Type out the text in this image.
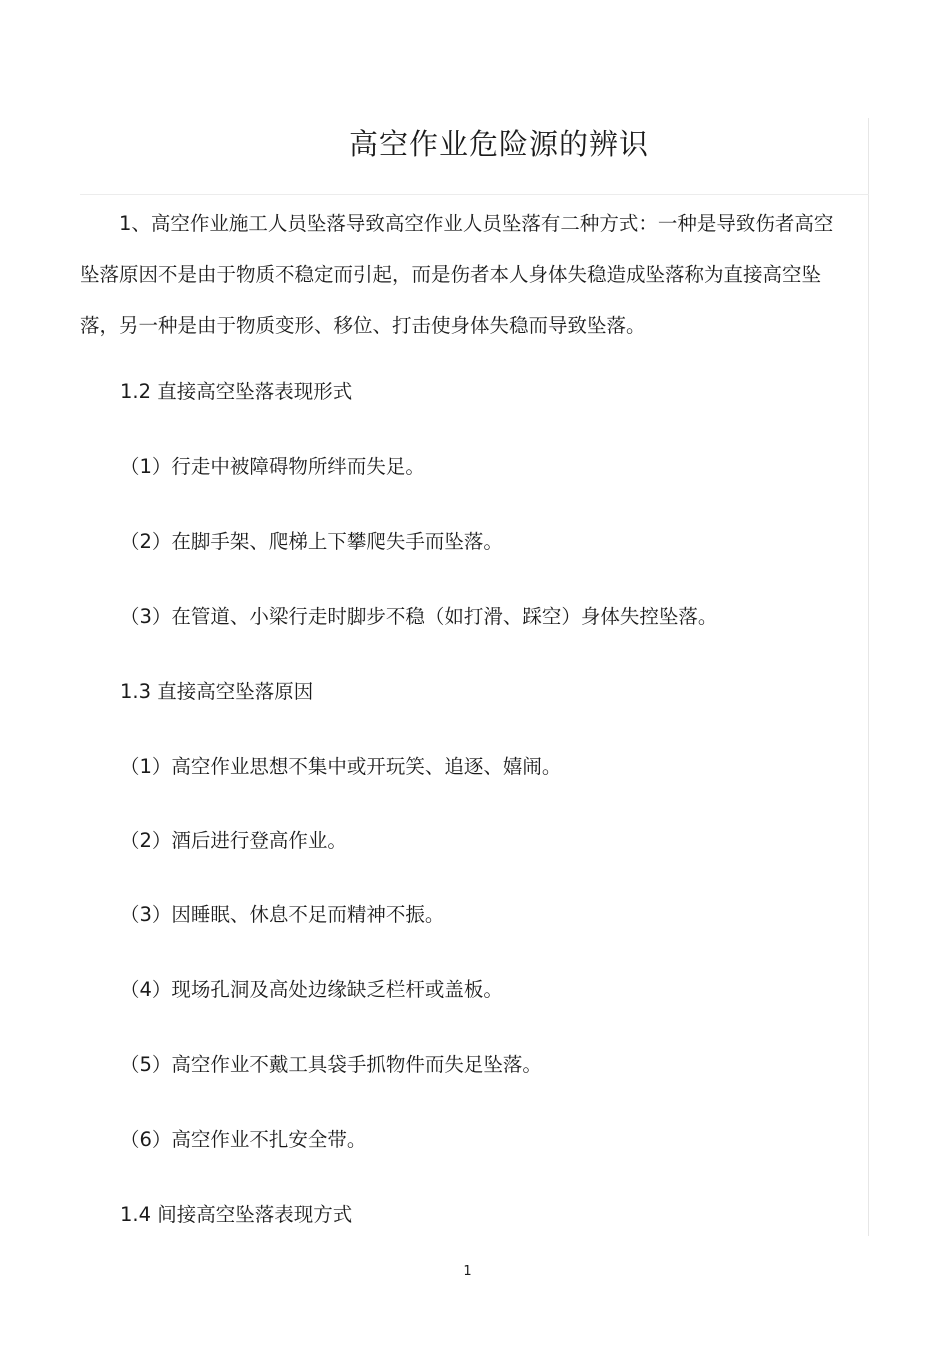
高空作业危险源的辨识

1、高空作业施工人员坠落导致高空作业人员坠落有二种方式：一种是导致伤者高空坠落原因不是由于物质不稳定而引起，而是伤者本人身体失稳造成坠落称为直接高空坠落，另一种是由于物质变形、移位、打击使身体失稳而导致坠落。

1.2 直接高空坠落表现形式

（1）行走中被障碍物所绊而失足。

（2）在脚手架、爬梯上下攀爬失手而坠落。

（3）在管道、小梁行走时脚步不稳（如打滑、踩空）身体失控坠落。

1.3 直接高空坠落原因

（1）高空作业思想不集中或开玩笑、追逐、嬉闹。

（2）酒后进行登高作业。

（3）因睡眠、休息不足而精神不振。

（4）现场孔洞及高处边缘缺乏栏杆或盖板。

（5）高空作业不戴工具袋手抓物件而失足坠落。

（6）高空作业不扎安全带。

1.4 间接高空坠落表现方式

1
